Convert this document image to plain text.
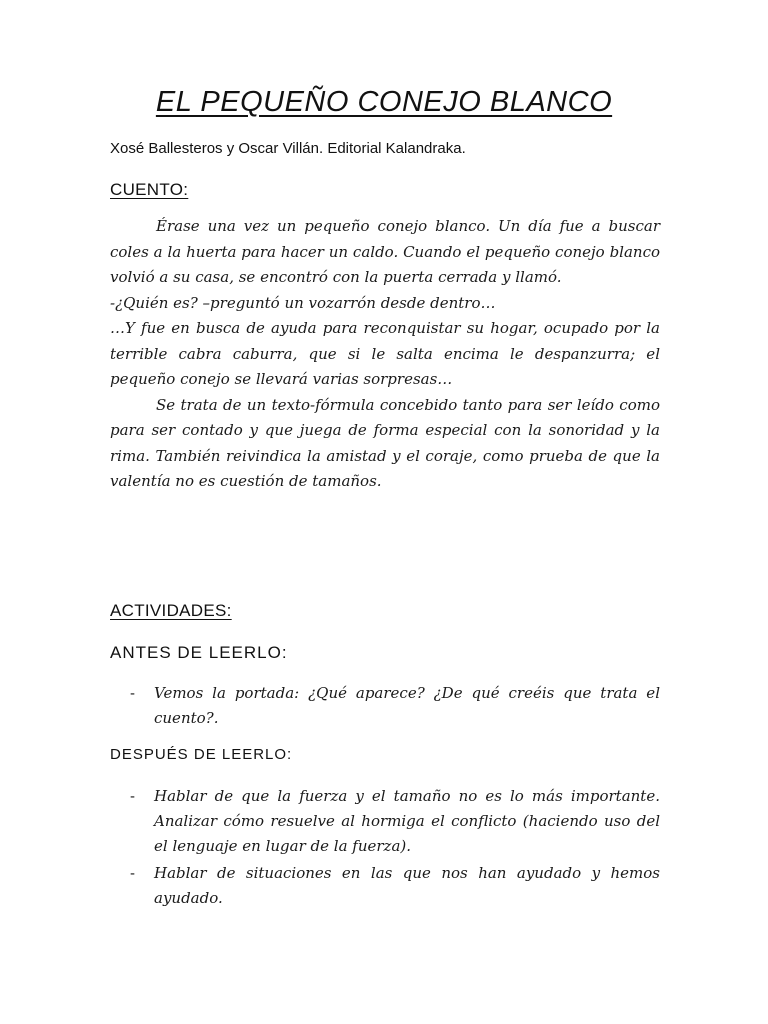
EL PEQUEÑO CONEJO BLANCO
Xosé Ballesteros y Oscar Villán. Editorial Kalandraka.
CUENTO:

Érase una vez un pequeño conejo blanco. Un día fue a buscar coles a la huerta para hacer un caldo. Cuando el pequeño conejo blanco volvió a su casa, se encontró con la puerta cerrada y llamó.

-¿Quién es? –preguntó un vozarrón desde dentro…

…Y fue en busca de ayuda para reconquistar su hogar, ocupado por la terrible cabra caburra, que si le salta encima le despanzurra; el pequeño conejo se llevará varias sorpresas…

Se trata de un texto-fórmula concebido tanto para ser leído como para ser contado y que juega de forma especial con la sonoridad y la rima. También reivindica la amistad y el coraje, como prueba de que la valentía no es cuestión de tamaños.

ACTIVIDADES:
ANTES DE LEERLO:
- Vemos la portada: ¿Qué aparece? ¿De qué creéis que trata el cuento?.
DESPUÉS DE LEERLO:
- Hablar de que la fuerza y el tamaño no es lo más importante. Analizar cómo resuelve al hormiga el conflicto (haciendo uso del el lenguaje en lugar de la fuerza).
- Hablar de situaciones en las que nos han ayudado y hemos ayudado.
